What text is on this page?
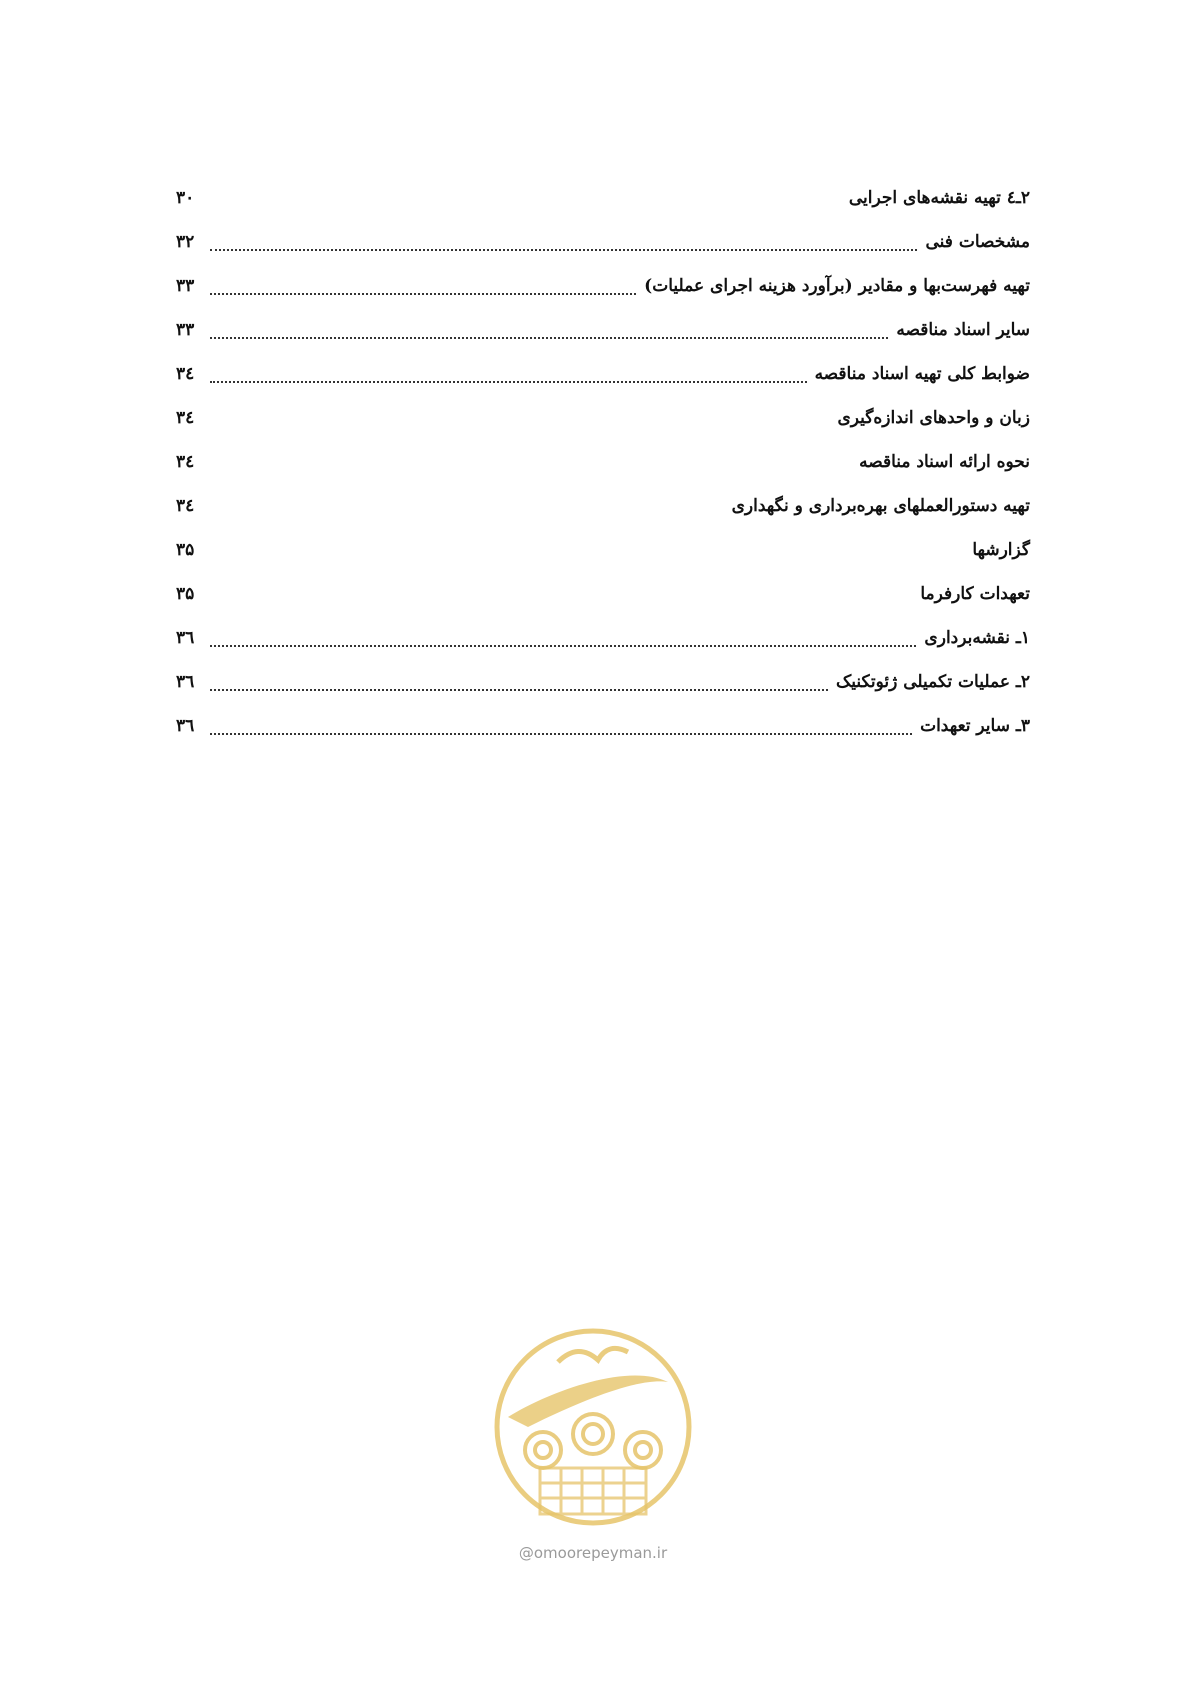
۲ـ٤ تهیه نقشه‌های اجرایی
۳۰
مشخصات فنی
۳۲
تهیه فهرست‌بها و مقادیر (برآورد هزینه اجرای عملیات)
۳۳
سایر اسناد مناقصه
۳۳
ضوابط کلی تهیه اسناد مناقصه
۳٤
زبان و واحدهای اندازه‌گیری
۳٤
نحوه ارائه اسناد مناقصه
۳٤
تهیه دستورالعملهای بهره‌برداری و نگهداری
۳٤
گزارشها
۳۵
تعهدات کارفرما
۳۵
۱ـ نقشه‌برداری
۳٦
۲ـ عملیات تکمیلی ژئوتکنیک
۳٦
۳ـ سایر تعهدات
۳٦
@omoorepeyman.ir
